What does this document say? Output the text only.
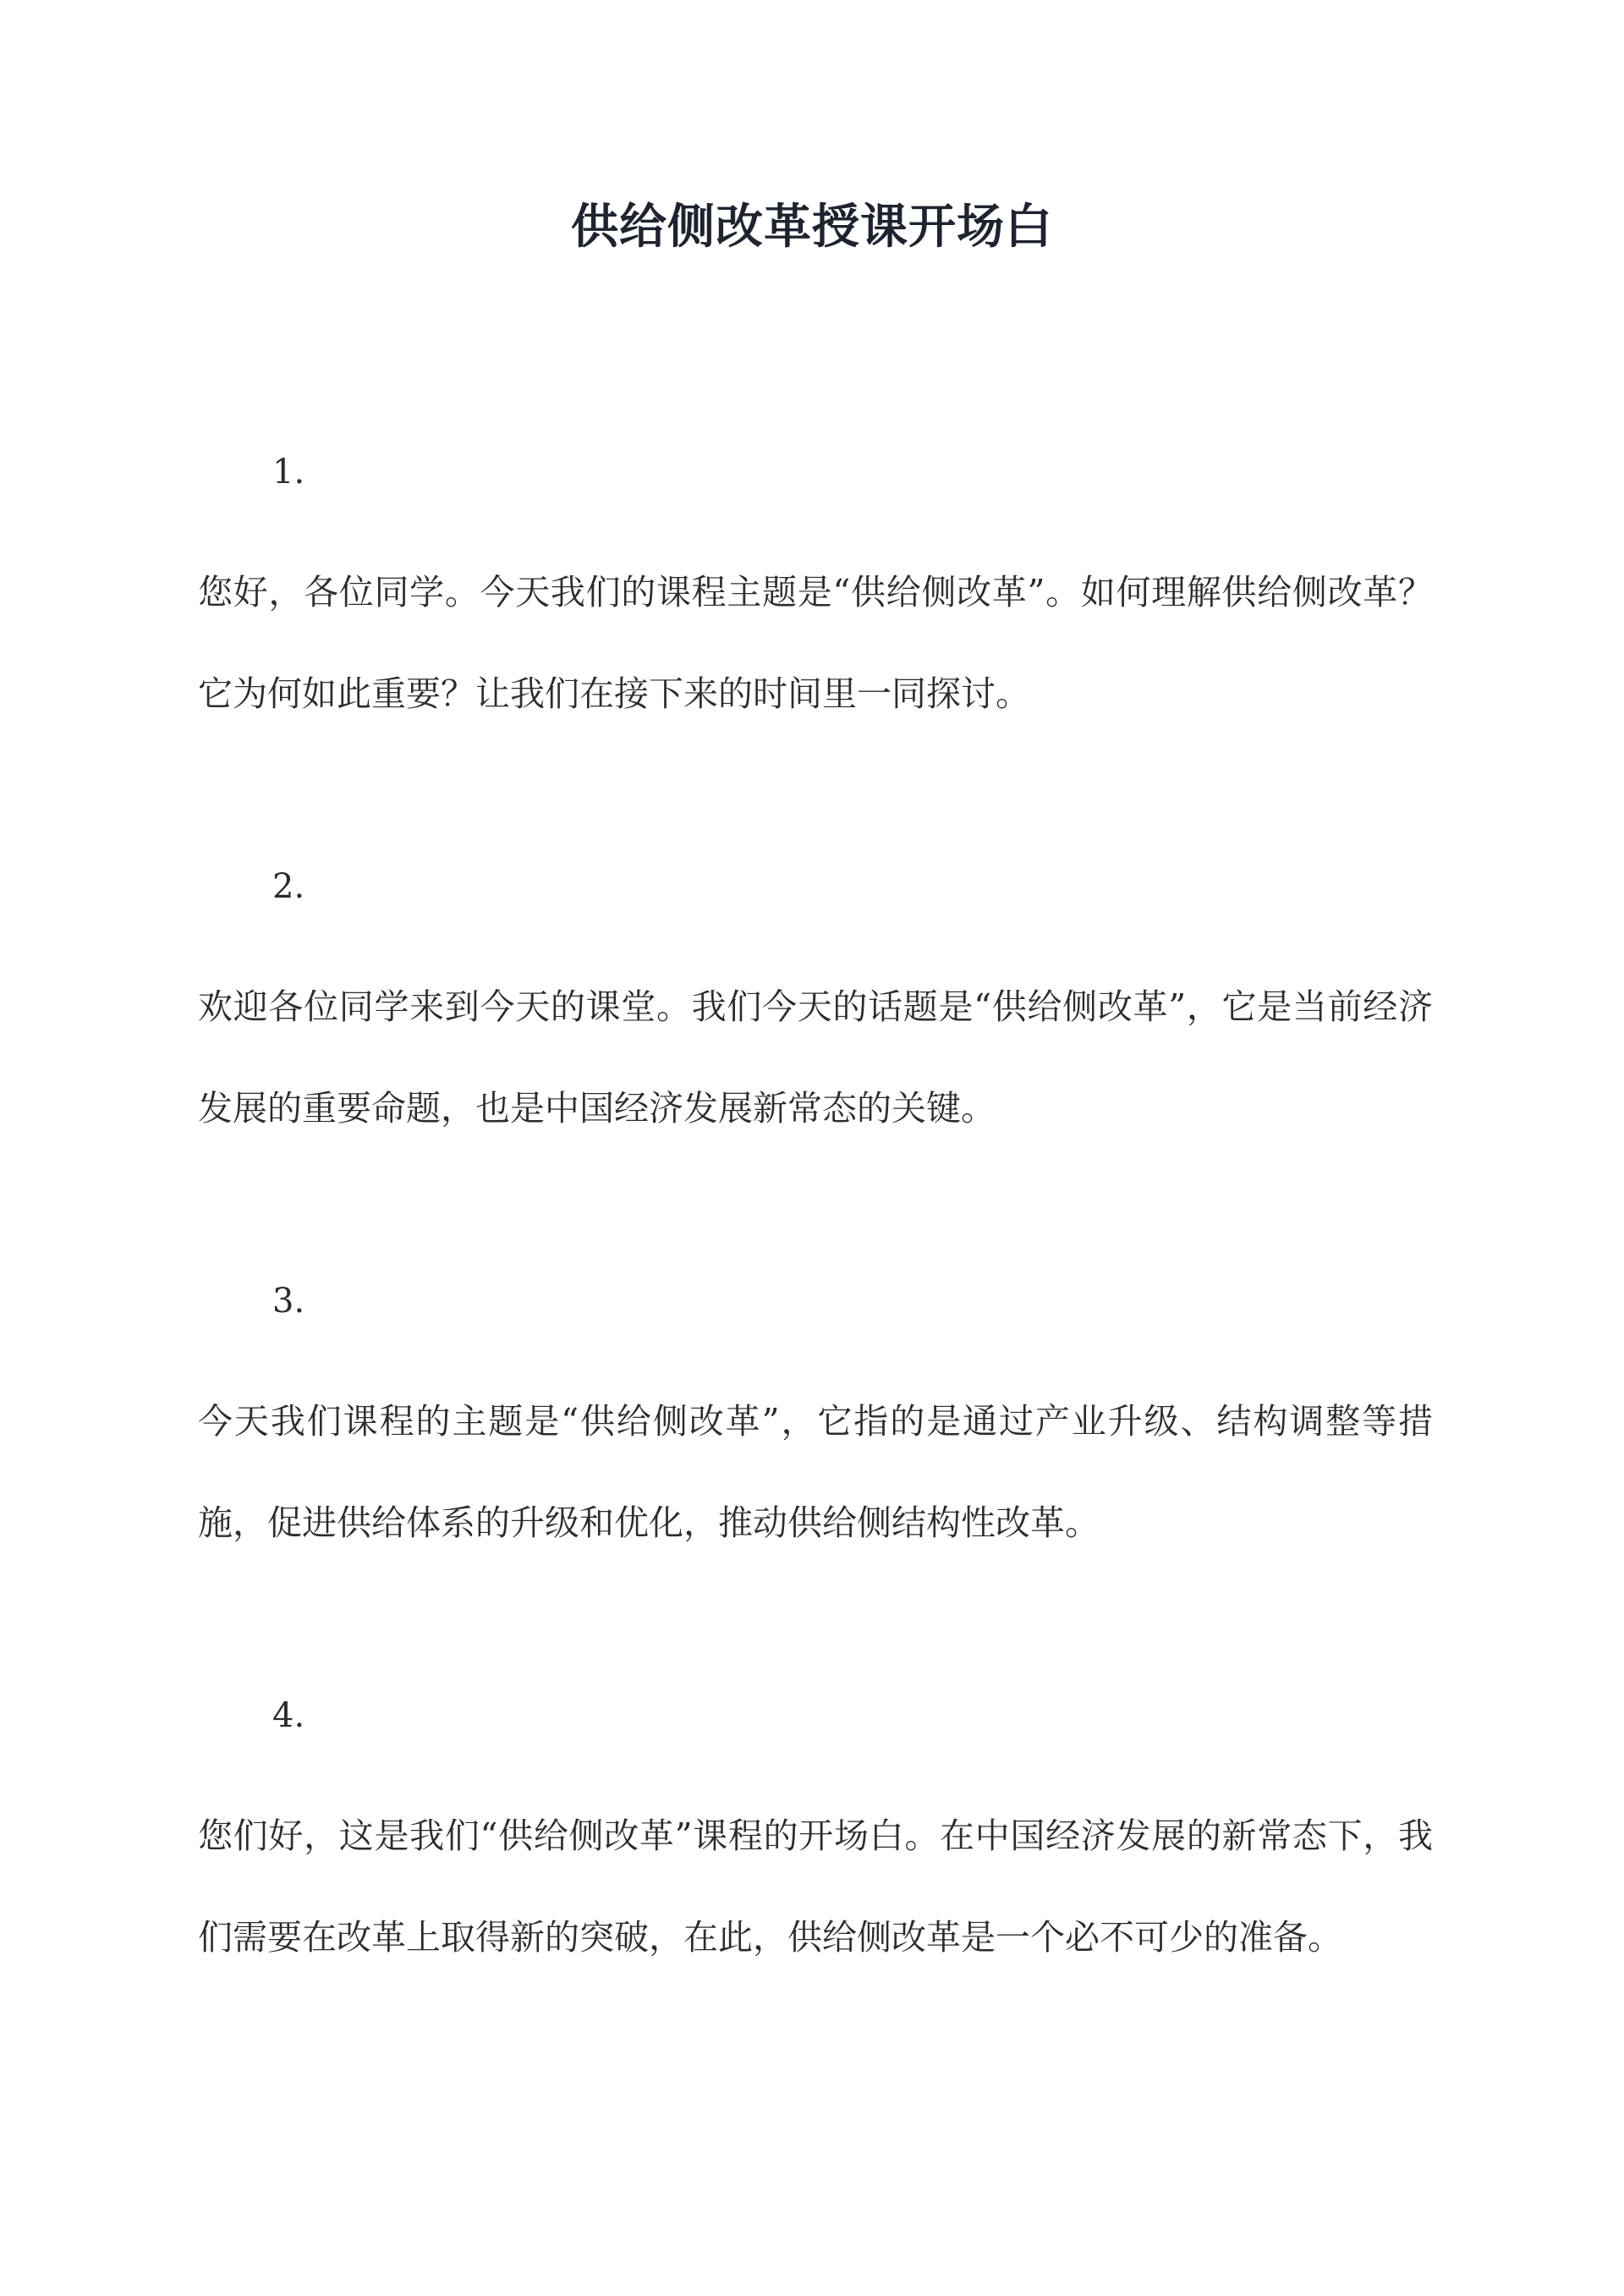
供给侧改革授课开场白
1.
您好，各位同学。今天我们的课程主题是“供给侧改革”。如何理解供给侧改革？它为何如此重要？让我们在接下来的时间里一同探讨。
2.
欢迎各位同学来到今天的课堂。我们今天的话题是“供给侧改革”，它是当前经济发展的重要命题，也是中国经济发展新常态的关键。
3.
今天我们课程的主题是“供给侧改革”，它指的是通过产业升级、结构调整等措施，促进供给体系的升级和优化，推动供给侧结构性改革。
4.
您们好，这是我们“供给侧改革”课程的开场白。在中国经济发展的新常态下，我们需要在改革上取得新的突破，在此，供给侧改革是一个必不可少的准备。
